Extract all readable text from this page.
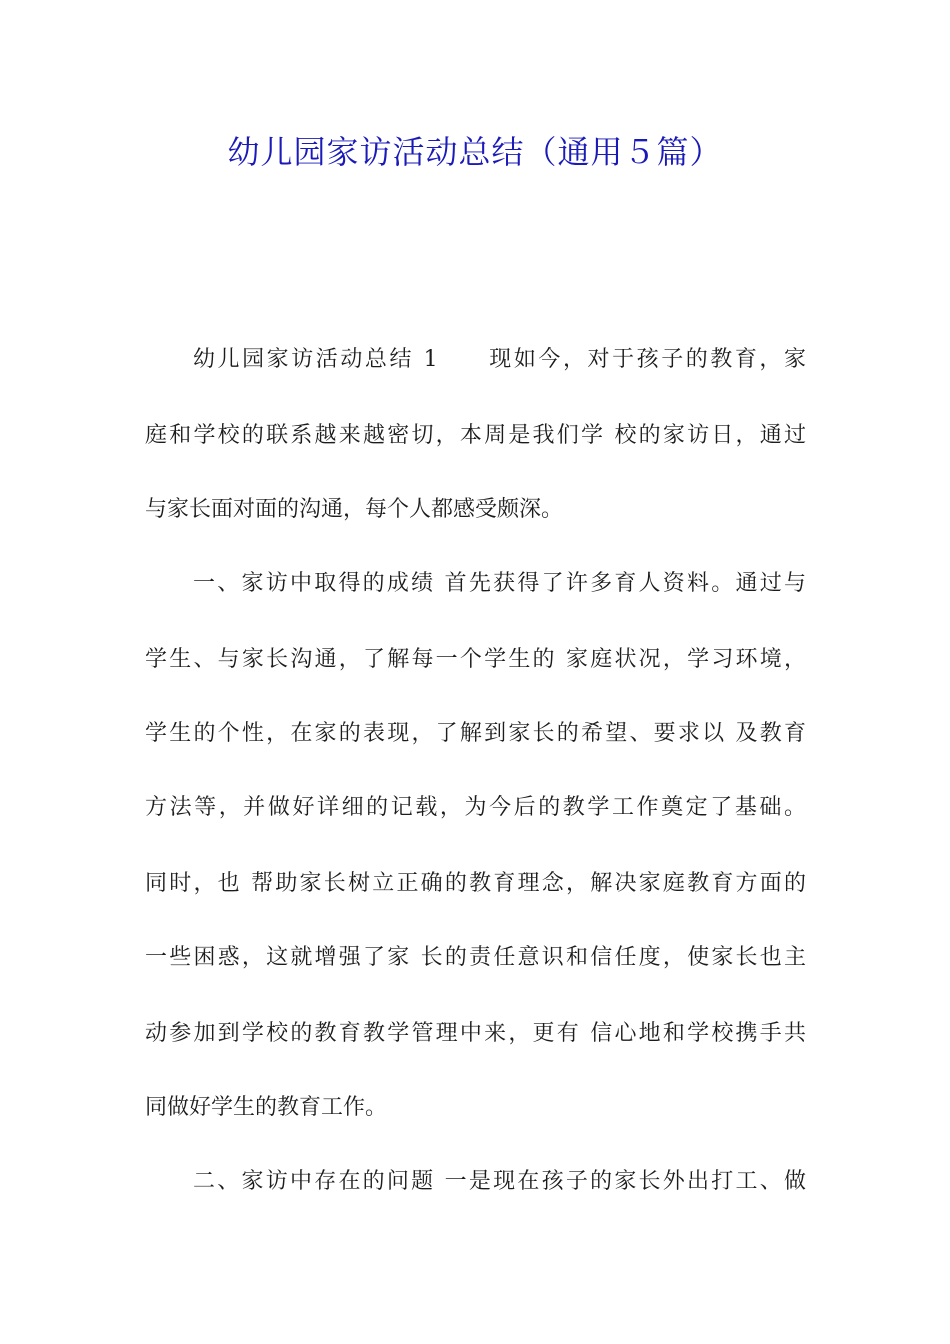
幼儿园家访活动总结（通用５篇）
幼儿园家访活动总结 1　　现如今，对于孩子的教育，家
庭和学校的联系越来越密切，本周是我们学 校的家访日，通过
与家长面对面的沟通，每个人都感受颇深。
一、家访中取得的成绩 首先获得了许多育人资料。通过与
学生、与家长沟通，了解每一个学生的 家庭状况，学习环境，
学生的个性，在家的表现，了解到家长的希望、要求以 及教育
方法等，并做好详细的记载，为今后的教学工作奠定了基础。
同时，也 帮助家长树立正确的教育理念，解决家庭教育方面的
一些困惑，这就增强了家 长的责任意识和信任度，使家长也主
动参加到学校的教育教学管理中来，更有 信心地和学校携手共
同做好学生的教育工作。
二、家访中存在的问题 一是现在孩子的家长外出打工、做
